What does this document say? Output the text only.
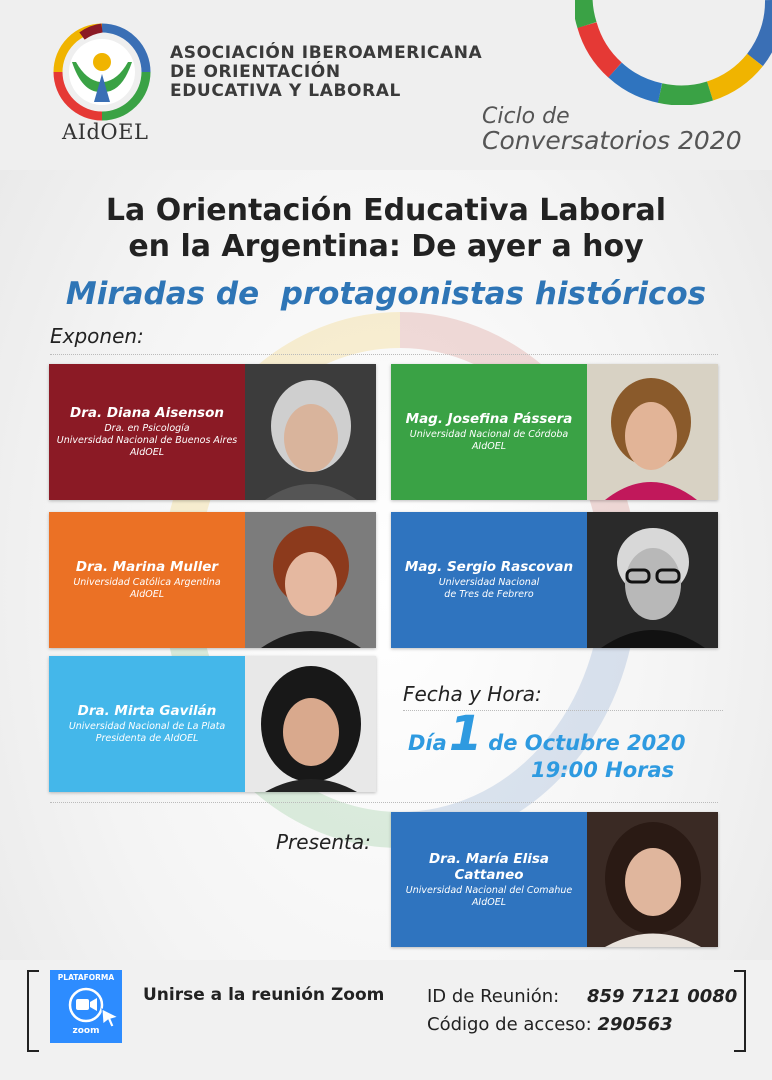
AIdOEL
ASOCIACIÓN IBEROAMERICANA
DE ORIENTACIÓN
EDUCATIVA Y LABORAL
Ciclo de
Conversatorios 2020
La Orientación Educativa Laboral
en la Argentina: De ayer a hoy
Miradas de  protagonistas históricos
Exponen:
Dra. Diana Aisenson
Dra. en Psicología
Universidad Nacional de Buenos Aires
AIdOEL
Mag. Josefina Pássera
Universidad Nacional de Córdoba
AIdOEL
Dra. Marina Muller
Universidad Católica Argentina
AIdOEL
Mag. Sergio Rascovan
Universidad Nacional
de Tres de Febrero
Dra. Mirta Gavilán
Universidad Nacional de La Plata
Presidenta de AIdOEL
Fecha y Hora:
Día1 de Octubre 2020
19:00 Horas
Presenta:
Dra. María Elisa Cattaneo
Universidad Nacional del Comahue
AIdOEL
PLATAFORMA
zoom
Unirse a la reunión Zoom ID de Reunión: 859 7121 0080
Código de acceso: 290563
